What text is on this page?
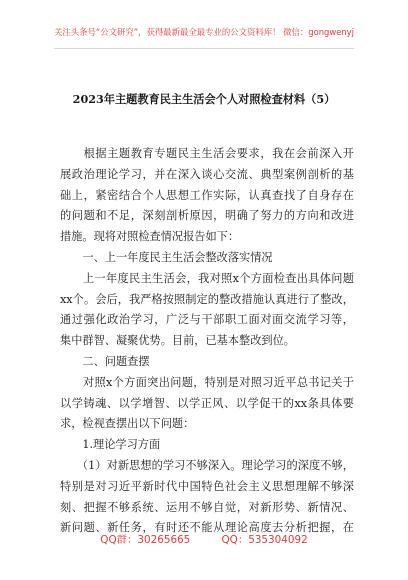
关注头条号“公文研究”，获得最新最全最专业的公文资料库！ 微信：gongwenyj
2023年主题教育民主生活会个人对照检查材料（5）
　　根据主题教育专题民主生活会要求，我在会前深入开
展政治理论学习，并在深入谈心交流、典型案例剖析的基
础上，紧密结合个人思想工作实际，认真查找了自身存在
的问题和不足，深刻剖析原因，明确了努力的方向和改进
措施。现将对照检查情况报告如下：
　　一、上一年度民主生活会整改落实情况
　　上一年度民主生活会，我对照x个方面检查出具体问题
xx个。会后，我严格按照制定的整改措施认真进行了整改，
通过强化政治学习，广泛与干部职工面对面交流学习等，
集中群智、凝聚优势。目前，已基本整改到位。
　　二、问题查摆
　　对照x个方面突出问题，特别是对照习近平总书记关于
以学铸魂、以学增智、以学正风、以学促干的xx条具体要
求，检视查摆出以下问题：
　　1.理论学习方面
　　（1）对新思想的学习不够深入。理论学习的深度不够，
特别是对习近平新时代中国特色社会主义思想理解不够深
刻、把握不够系统、运用不够自觉，对新形势、新情况、
新问题、新任务，有时还不能从理论高度去分析把握，在
QQ群：30265665　　　QQ：535304092
